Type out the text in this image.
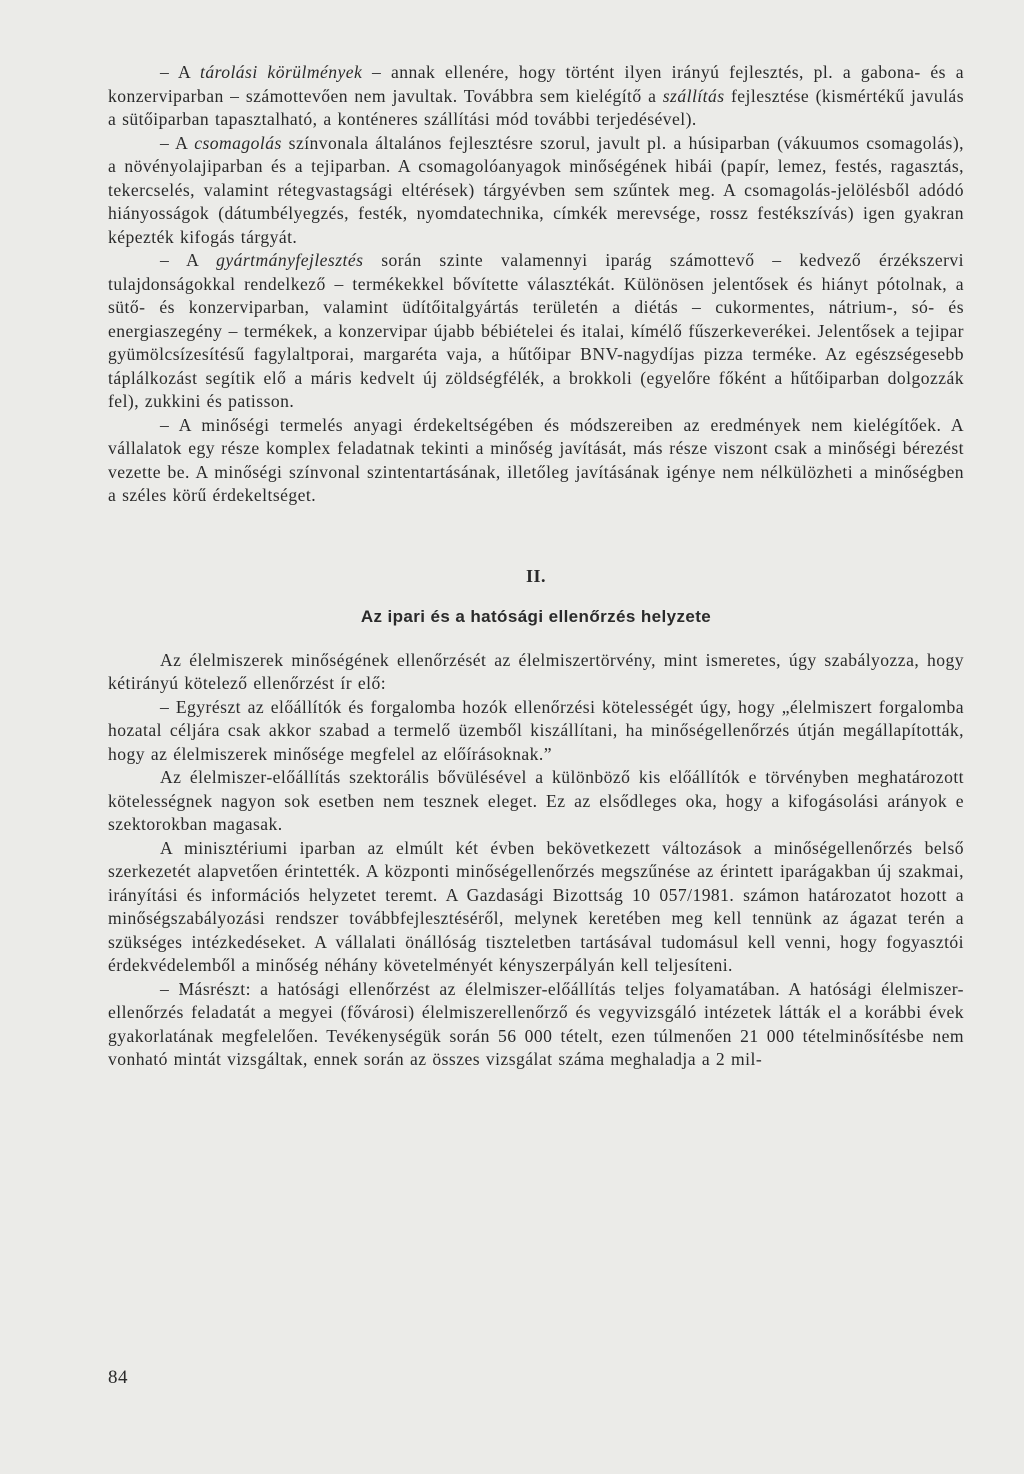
– A tárolási körülmények – annak ellenére, hogy történt ilyen irányú fejlesztés, pl. a gabona- és a konzerviparban – számottevően nem javultak. Továbbra sem kielégítő a szállítás fejlesztése (kismértékű javulás a sütőiparban tapasztalható, a konténeres szállítási mód további terjedésével).

– A csomagolás színvonala általános fejlesztésre szorul, javult pl. a húsiparban (vákuumos csomagolás), a növényolajiparban és a tejiparban. A csomagolóanyagok minőségének hibái (papír, lemez, festés, ragasztás, tekercselés, valamint rétegvastagsági eltérések) tárgyévben sem szűntek meg. A csomagolás-jelölésből adódó hiányosságok (dátumbélyegzés, festék, nyomdatechnika, címkék merevsége, rossz festékszívás) igen gyakran képezték kifogás tárgyát.

– A gyártmányfejlesztés során szinte valamennyi iparág számottevő – kedvező érzékszervi tulajdonságokkal rendelkező – termékekkel bővítette választékát. Különösen jelentősek és hiányt pótolnak, a sütő- és konzerviparban, valamint üdítőitalgyártás területén a diétás – cukormentes, nátrium-, só- és energiaszegény – termékek, a konzervipar újabb bébiételei és italai, kímélő fűszerkeverékei. Jelentősek a tejipar gyümölcsízesítésű fagylaltporai, margaréta vaja, a hűtőipar BNV-nagydíjas pizza terméke. Az egészségesebb táplálkozást segítik elő a máris kedvelt új zöldségfélék, a brokkoli (egyelőre főként a hűtőiparban dolgozzák fel), zukkini és patisson.

– A minőségi termelés anyagi érdekeltségében és módszereiben az eredmények nem kielégítőek. A vállalatok egy része komplex feladatnak tekinti a minőség javítását, más része viszont csak a minőségi bérezést vezette be. A minőségi színvonal szintentartásának, illetőleg javításának igénye nem nélkülözheti a minőségben a széles körű érdekeltséget.

II.
Az ipari és a hatósági ellenőrzés helyzete

Az élelmiszerek minőségének ellenőrzését az élelmiszertörvény, mint ismeretes, úgy szabályozza, hogy kétirányú kötelező ellenőrzést ír elő:

– Egyrészt az előállítók és forgalomba hozók ellenőrzési kötelességét úgy, hogy „élelmiszert forgalomba hozatal céljára csak akkor szabad a termelő üzemből kiszállítani, ha minőségellenőrzés útján megállapították, hogy az élelmiszerek minősége megfelel az előírásoknak.”

Az élelmiszer-előállítás szektorális bővülésével a különböző kis előállítók e törvényben meghatározott kötelességnek nagyon sok esetben nem tesznek eleget. Ez az elsődleges oka, hogy a kifogásolási arányok e szektorokban magasak.

A minisztériumi iparban az elmúlt két évben bekövetkezett változások a minőségellenőrzés belső szerkezetét alapvetően érintették. A központi minőségellenőrzés megszűnése az érintett iparágakban új szakmai, irányítási és információs helyzetet teremt. A Gazdasági Bizottság 10 057/1981. számon határozatot hozott a minőségszabályozási rendszer továbbfejlesztéséről, melynek keretében meg kell tennünk az ágazat terén a szükséges intézkedéseket. A vállalati önállóság tiszteletben tartásával tudomásul kell venni, hogy fogyasztói érdekvédelemből a minőség néhány követelményét kényszerpályán kell teljesíteni.

– Másrészt: a hatósági ellenőrzést az élelmiszer-előállítás teljes folyamatában. A hatósági élelmiszer-ellenőrzés feladatát a megyei (fővárosi) élelmiszerellenőrző és vegyvizsgáló intézetek látták el a korábbi évek gyakorlatának megfelelően. Tevékenységük során 56 000 tételt, ezen túlmenően 21 000 tételminősítésbe nem vonható mintát vizsgáltak, ennek során az összes vizsgálat száma meghaladja a 2 mil-

84
